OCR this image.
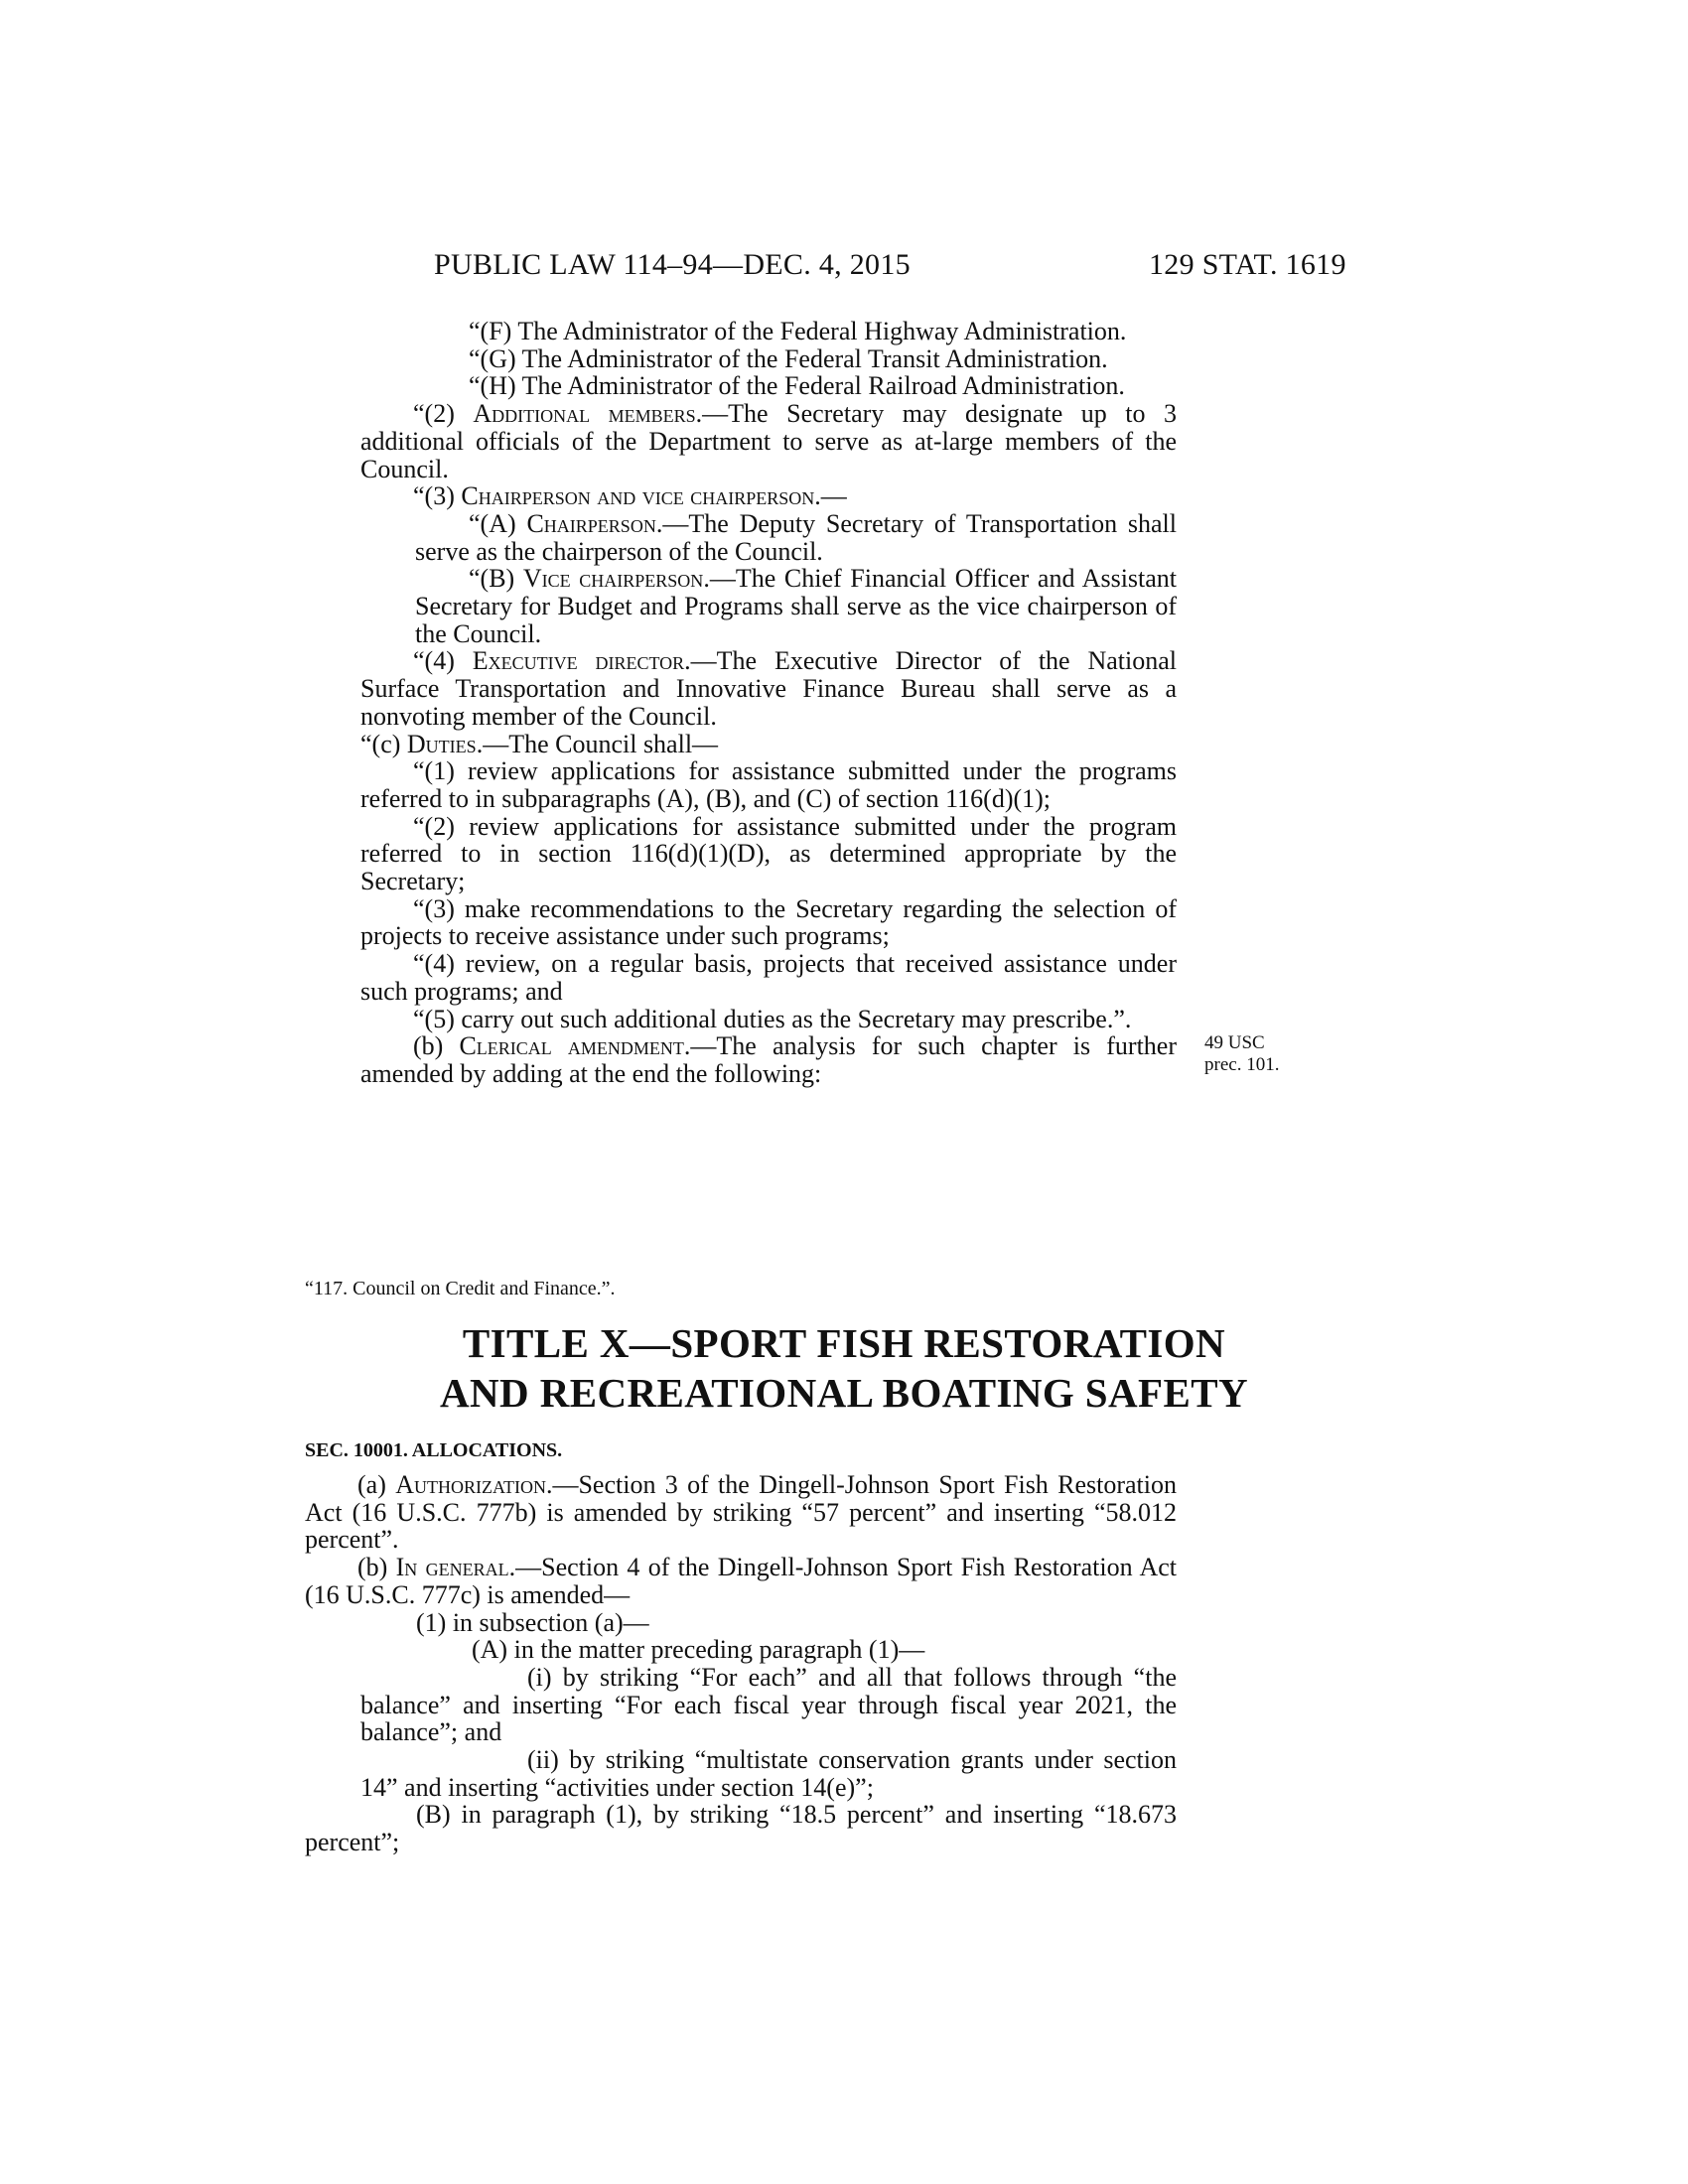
PUBLIC LAW 114–94—DEC. 4, 2015	129 STAT. 1619

“(F) The Administrator of the Federal Highway Administration.

“(G) The Administrator of the Federal Transit Administration.

“(H) The Administrator of the Federal Railroad Administration.

“(2) Additional members.—The Secretary may designate up to 3 additional officials of the Department to serve as at-large members of the Council.

“(3) Chairperson and vice chairperson.—

“(A) Chairperson.—The Deputy Secretary of Transportation shall serve as the chairperson of the Council.

“(B) Vice chairperson.—The Chief Financial Officer and Assistant Secretary for Budget and Programs shall serve as the vice chairperson of the Council.

“(4) Executive director.—The Executive Director of the National Surface Transportation and Innovative Finance Bureau shall serve as a nonvoting member of the Council.

“(c) Duties.—The Council shall—

“(1) review applications for assistance submitted under the programs referred to in subparagraphs (A), (B), and (C) of section 116(d)(1);

“(2) review applications for assistance submitted under the program referred to in section 116(d)(1)(D), as determined appropriate by the Secretary;

“(3) make recommendations to the Secretary regarding the selection of projects to receive assistance under such programs;

“(4) review, on a regular basis, projects that received assistance under such programs; and

“(5) carry out such additional duties as the Secretary may prescribe.”.

(b) Clerical amendment.—The analysis for such chapter is further amended by adding at the end the following:

49 USC
prec. 101.
“117. Council on Credit and Finance.”.
TITLE X—SPORT FISH RESTORATION
AND RECREATIONAL BOATING SAFETY
SEC. 10001. ALLOCATIONS.

(a) Authorization.—Section 3 of the Dingell-Johnson Sport Fish Restoration Act (16 U.S.C. 777b) is amended by striking “57 percent” and inserting “58.012 percent”.

(b) In general.—Section 4 of the Dingell-Johnson Sport Fish Restoration Act (16 U.S.C. 777c) is amended—

(1) in subsection (a)—

(A) in the matter preceding paragraph (1)—

(i) by striking “For each” and all that follows through “the balance” and inserting “For each fiscal year through fiscal year 2021, the balance”; and

(ii) by striking “multistate conservation grants under section 14” and inserting “activities under section 14(e)”;

(B) in paragraph (1), by striking “18.5 percent” and inserting “18.673 percent”;
